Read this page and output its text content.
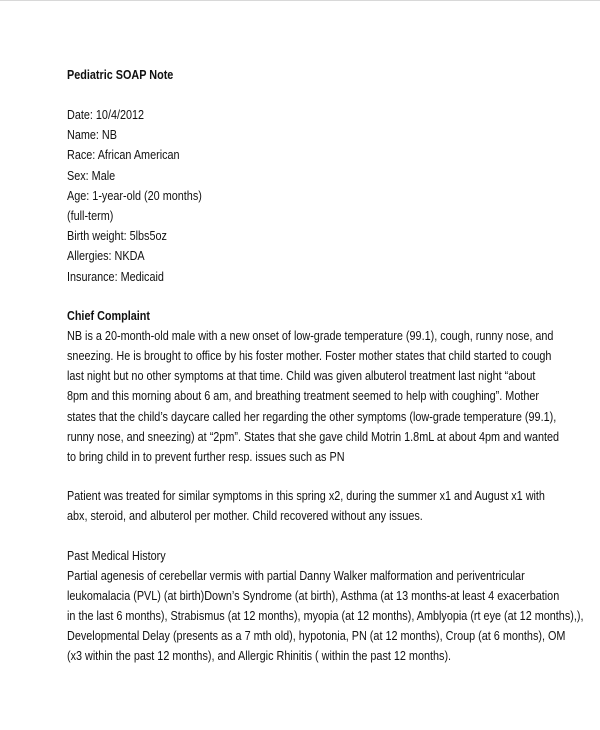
Pediatric SOAP Note
Date: 10/4/2012
Name: NB
Race: African American
Sex: Male
Age: 1-year-old (20 months)
(full-term)
Birth weight: 5lbs5oz
Allergies: NKDA
Insurance: Medicaid
Chief Complaint
NB is a 20-month-old male with a new onset of low-grade temperature (99.1), cough, runny nose, and
sneezing. He is brought to office by his foster mother. Foster mother states that child started to cough
last night but no other symptoms at that time. Child was given albuterol treatment last night “about
8pm and this morning about 6 am, and breathing treatment seemed to help with coughing”. Mother
states that the child’s daycare called her regarding the other symptoms (low-grade temperature (99.1),
runny nose, and sneezing) at “2pm”. States that she gave child Motrin 1.8mL at about 4pm and wanted
to bring child in to prevent further resp. issues such as PN
Patient was treated for similar symptoms in this spring x2, during the summer x1 and August x1 with
abx, steroid, and albuterol per mother. Child recovered without any issues.
Past Medical History
Partial agenesis of cerebellar vermis with partial Danny Walker malformation and periventricular
leukomalacia (PVL) (at birth)Down’s Syndrome (at birth), Asthma (at 13 months-at least 4 exacerbation
in the last 6 months), Strabismus (at 12 months), myopia (at 12 months), Amblyopia (rt eye (at 12 months),),
Developmental Delay (presents as a 7 mth old), hypotonia, PN (at 12 months), Croup (at 6 months), OM
(x3 within the past 12 months), and Allergic Rhinitis ( within the past 12 months).
